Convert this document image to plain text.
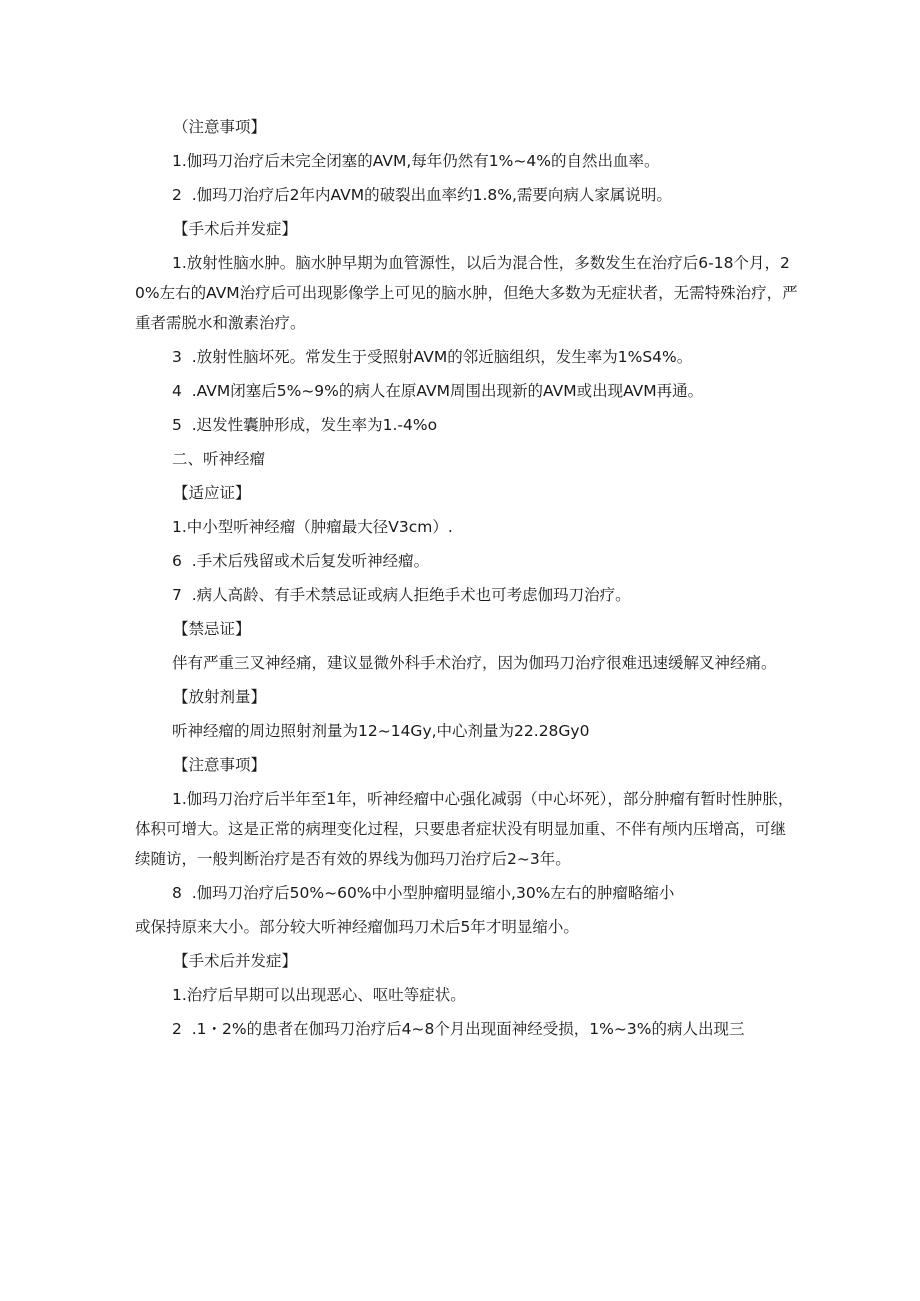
（注意事项】

1.伽玛刀治疗后未完全闭塞的AVM,每年仍然有1%~4%的自然出血率。

2  .伽玛刀治疗后2年内AVM的破裂出血率约1.8%,需要向病人家属说明。

【手术后并发症】

1.放射性脑水肿。脑水肿早期为血管源性，以后为混合性，多数发生在治疗后6-18个月，20%左右的AVM治疗后可出现影像学上可见的脑水肿，但绝大多数为无症状者，无需特殊治疗，严重者需脱水和激素治疗。

3  .放射性脑坏死。常发生于受照射AVM的邻近脑组织，发生率为1%S4%。

4  .AVM闭塞后5%~9%的病人在原AVM周围出现新的AVM或出现AVM再通。

5  .迟发性囊肿形成，发生率为1.-4%o

二、听神经瘤

【适应证】

1.中小型听神经瘤（肿瘤最大径V3cm）.

6  .手术后残留或术后复发听神经瘤。

7  .病人高龄、有手术禁忌证或病人拒绝手术也可考虑伽玛刀治疗。

【禁忌证】

伴有严重三叉神经痛，建议显微外科手术治疗，因为伽玛刀治疗很难迅速缓解叉神经痛。

【放射剂量】

听神经瘤的周边照射剂量为12~14Gy,中心剂量为22.28Gy0

【注意事项】

1.伽玛刀治疗后半年至1年，听神经瘤中心强化减弱（中心坏死），部分肿瘤有暂时性肿胀，体积可增大。这是正常的病理变化过程，只要患者症状没有明显加重、不伴有颅内压增高，可继续随访，一般判断治疗是否有效的界线为伽玛刀治疗后2~3年。

8  .伽玛刀治疗后50%~60%中小型肿瘤明显缩小,30%左右的肿瘤略缩小

或保持原来大小。部分较大听神经瘤伽玛刀术后5年才明显缩小。

【手术后并发症】

1.治疗后早期可以出现恶心、呕吐等症状。

2  .1・2%的患者在伽玛刀治疗后4~8个月出现面神经受损，1%~3%的病人出现三
